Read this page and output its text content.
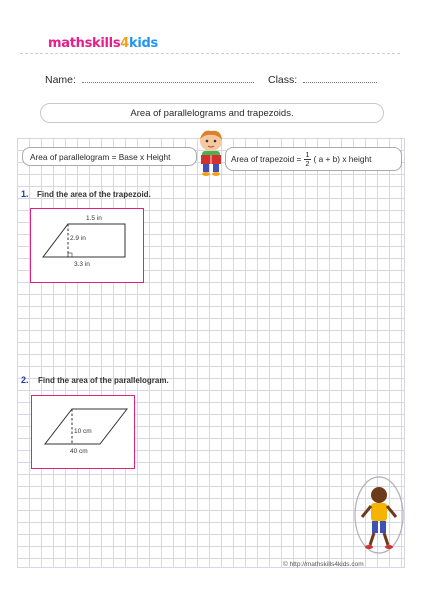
mathskills4kids
Name:	Class:
Area of parallelograms and trapezoids.
Area of parallelogram = Base x Height	Area of trapezoid = $\frac{1}{2}$ ( a + b) x height
1. Find the area of the trapezoid.
1.5 in
2.9 in
3.3 in
2. Find the area of the parallelogram.
10 cm
40 cm
© http://mathskills4kids.com
